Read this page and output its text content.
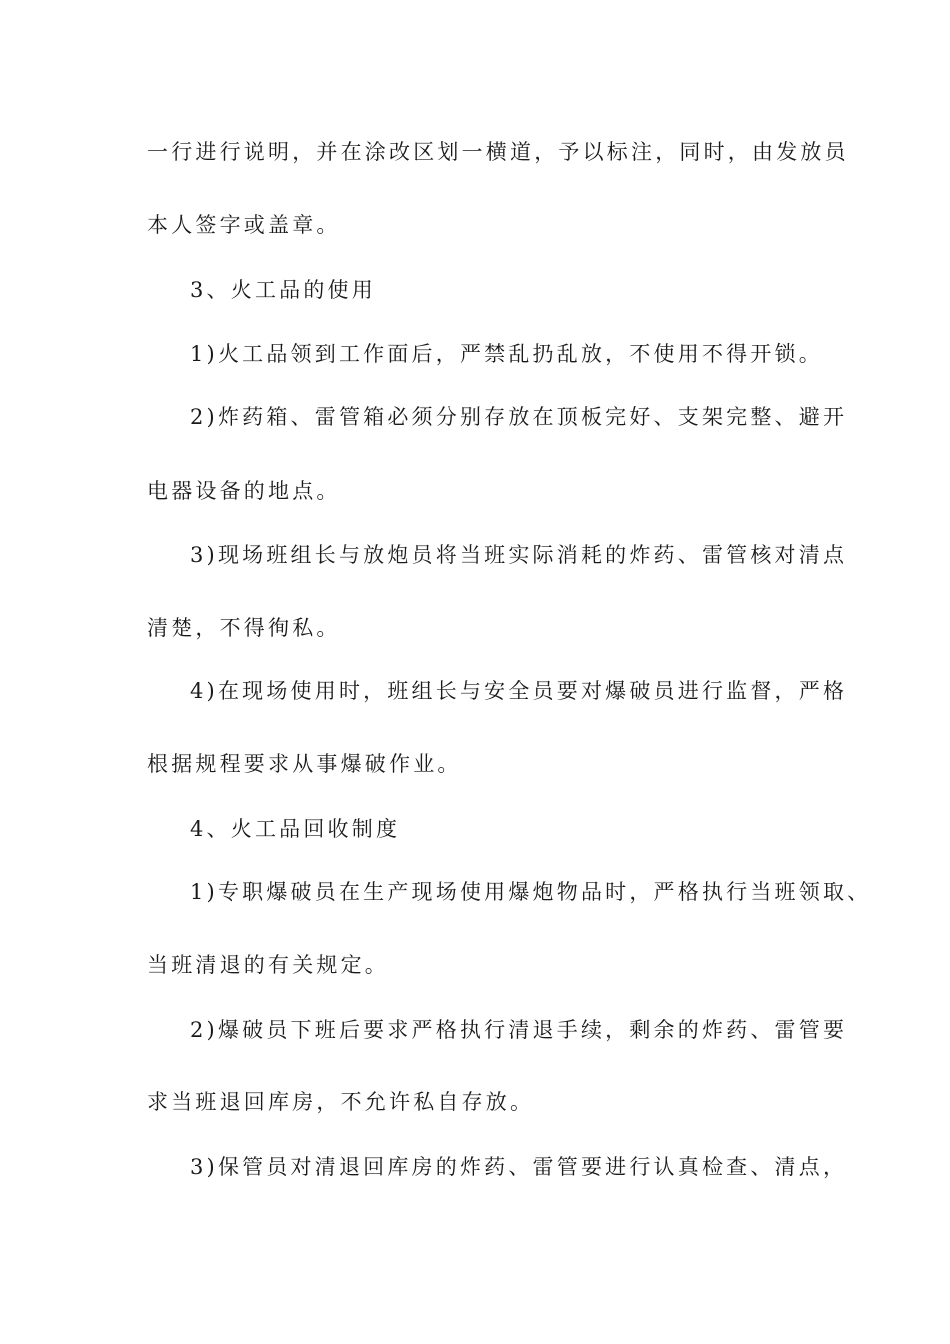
一行进行说明，并在涂改区划一横道，予以标注，同时，由发放员
本人签字或盖章。
3、火工品的使用
1)火工品领到工作面后，严禁乱扔乱放，不使用不得开锁。
2)炸药箱、雷管箱必须分别存放在顶板完好、支架完整、避开
电器设备的地点。
3)现场班组长与放炮员将当班实际消耗的炸药、雷管核对清点
清楚，不得徇私。
4)在现场使用时，班组长与安全员要对爆破员进行监督，严格
根据规程要求从事爆破作业。
4、火工品回收制度
1)专职爆破员在生产现场使用爆炮物品时，严格执行当班领取、
当班清退的有关规定。
2)爆破员下班后要求严格执行清退手续，剩余的炸药、雷管要
求当班退回库房，不允许私自存放。
3)保管员对清退回库房的炸药、雷管要进行认真检查、清点，
